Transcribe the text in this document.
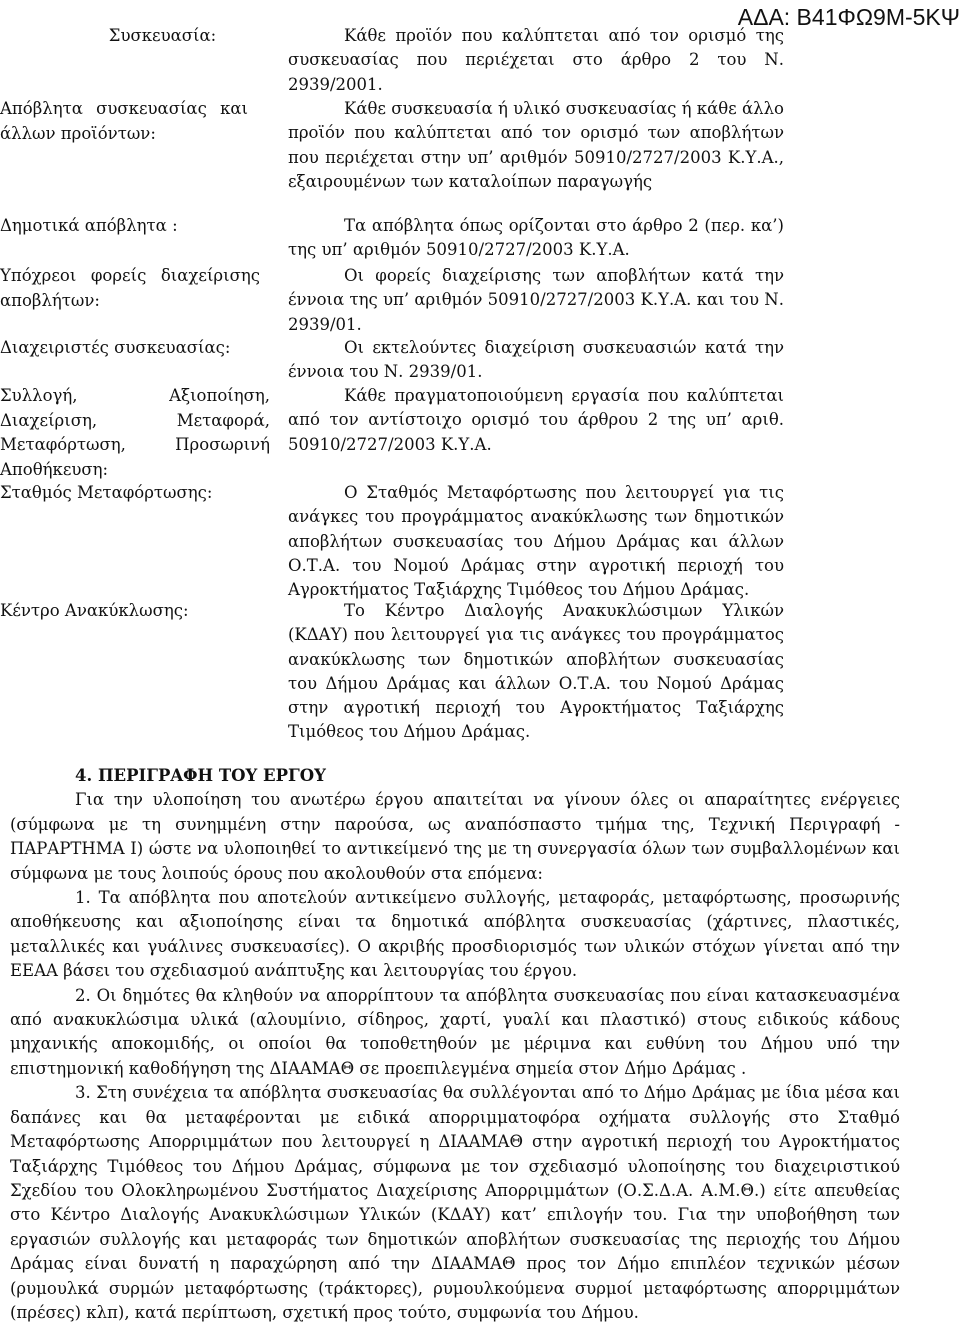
ΑΔΑ: Β41ΦΩ9Μ-5ΚΨ
Συσκευασία:	Κάθε προϊόν που καλύπτεται από τον ορισμό της συσκευασίας που περιέχεται στο άρθρο 2 του Ν. 2939/2001.
Απόβλητα συσκευασίας και άλλων προϊόντων:
Κάθε συσκευασία ή υλικό συσκευασίας ή κάθε άλλο προϊόν που καλύπτεται από τον ορισμό των αποβλήτων που περιέχεται στην υπ’ αριθμόν 50910/2727/2003 Κ.Υ.Α., εξαιρουμένων των καταλοίπων παραγωγής
Δημοτικά απόβλητα :	Τα απόβλητα όπως ορίζονται στο άρθρο 2 (περ. κα’) της υπ’ αριθμόν 50910/2727/2003 Κ.Υ.Α.
Υπόχρεοι φορείς διαχείρισης αποβλήτων:
Οι φορείς διαχείρισης των αποβλήτων κατά την έννοια της υπ’ αριθμόν 50910/2727/2003 Κ.Υ.Α. και του Ν. 2939/01.
Διαχειριστές συσκευασίας:	Οι εκτελούντες διαχείριση συσκευασιών κατά την έννοια του Ν. 2939/01.
Συλλογή, Αξιοποίηση, Διαχείριση, Μεταφορά, Μεταφόρτωση, Προσωρινή Αποθήκευση:
Κάθε πραγματοποιούμενη εργασία που καλύπτεται από τον αντίστοιχο ορισμό του άρθρου 2 της υπ’ αριθ. 50910/2727/2003 Κ.Υ.Α.
Σταθμός Μεταφόρτωσης:	Ο Σταθμός Μεταφόρτωσης που λειτουργεί για τις ανάγκες του προγράμματος ανακύκλωσης των δημοτικών αποβλήτων συσκευασίας του Δήμου Δράμας και άλλων Ο.Τ.Α. του Νομού Δράμας στην αγροτική περιοχή του Αγροκτήματος Ταξιάρχης Τιμόθεος του Δήμου Δράμας.
Κέντρο Ανακύκλωσης:	Το Κέντρο Διαλογής Ανακυκλώσιμων Υλικών (ΚΔΑΥ) που λειτουργεί για τις ανάγκες του προγράμματος ανακύκλωσης των δημοτικών αποβλήτων συσκευασίας του Δήμου Δράμας και άλλων Ο.Τ.Α. του Νομού Δράμας στην αγροτική περιοχή του Αγροκτήματος Ταξιάρχης Τιμόθεος του Δήμου Δράμας.
4. ΠΕΡΙΓΡΑΦΗ ΤΟΥ ΕΡΓΟΥ

Για την υλοποίηση του ανωτέρω έργου απαιτείται να γίνουν όλες οι απαραίτητες ενέργειες (σύμφωνα με τη συνημμένη στην παρούσα, ως αναπόσπαστο τμήμα της, Τεχνική Περιγραφή - ΠΑΡΑΡΤΗΜΑ Ι) ώστε να υλοποιηθεί το αντικείμενό της με τη συνεργασία όλων των συμβαλλομένων και σύμφωνα με τους λοιπούς όρους που ακολουθούν στα επόμενα:

1. Τα απόβλητα που αποτελούν αντικείμενο συλλογής, μεταφοράς, μεταφόρτωσης, προσωρινής αποθήκευσης και αξιοποίησης είναι τα δημοτικά απόβλητα συσκευασίας (χάρτινες, πλαστικές, μεταλλικές και γυάλινες συσκευασίες). Ο ακριβής προσδιορισμός των υλικών στόχων γίνεται από την ΕΕΑΑ βάσει του σχεδιασμού ανάπτυξης και λειτουργίας του έργου.

2. Οι δημότες θα κληθούν να απορρίπτουν τα απόβλητα συσκευασίας που είναι κατασκευασμένα από ανακυκλώσιμα υλικά (αλουμίνιο, σίδηρος, χαρτί, γυαλί και πλαστικό) στους ειδικούς κάδους μηχανικής αποκομιδής, οι οποίοι θα τοποθετηθούν με μέριμνα και ευθύνη του Δήμου υπό την επιστημονική καθοδήγηση της ΔΙΑΑΜΑΘ σε προεπιλεγμένα σημεία στον Δήμο Δράμας .

3. Στη συνέχεια τα απόβλητα συσκευασίας θα συλλέγονται από το Δήμο Δράμας με ίδια μέσα και δαπάνες και θα μεταφέρονται με ειδικά απορριμματοφόρα οχήματα συλλογής στο Σταθμό Μεταφόρτωσης Απορριμμάτων που λειτουργεί η ΔΙΑΑΜΑΘ στην αγροτική περιοχή του Αγροκτήματος Ταξιάρχης Τιμόθεος του Δήμου Δράμας, σύμφωνα με τον σχεδιασμό υλοποίησης του διαχειριστικού Σχεδίου του Ολοκληρωμένου Συστήματος Διαχείρισης Απορριμμάτων (Ο.Σ.Δ.Α. Α.Μ.Θ.) είτε απευθείας στο Κέντρο Διαλογής Ανακυκλώσιμων Υλικών (ΚΔΑΥ) κατ’ επιλογήν του. Για την υποβοήθηση των εργασιών συλλογής και μεταφοράς των δημοτικών αποβλήτων συσκευασίας της περιοχής του Δήμου Δράμας είναι δυνατή η παραχώρηση από την ΔΙΑΑΜΑΘ προς τον Δήμο επιπλέον τεχνικών μέσων (ρυμουλκά συρμών μεταφόρτωσης (τράκτορες), ρυμουλκούμενα συρμοί μεταφόρτωσης απορριμμάτων (πρέσες) κλπ), κατά περίπτωση, σχετική προς τούτο, συμφωνία του Δήμου.
